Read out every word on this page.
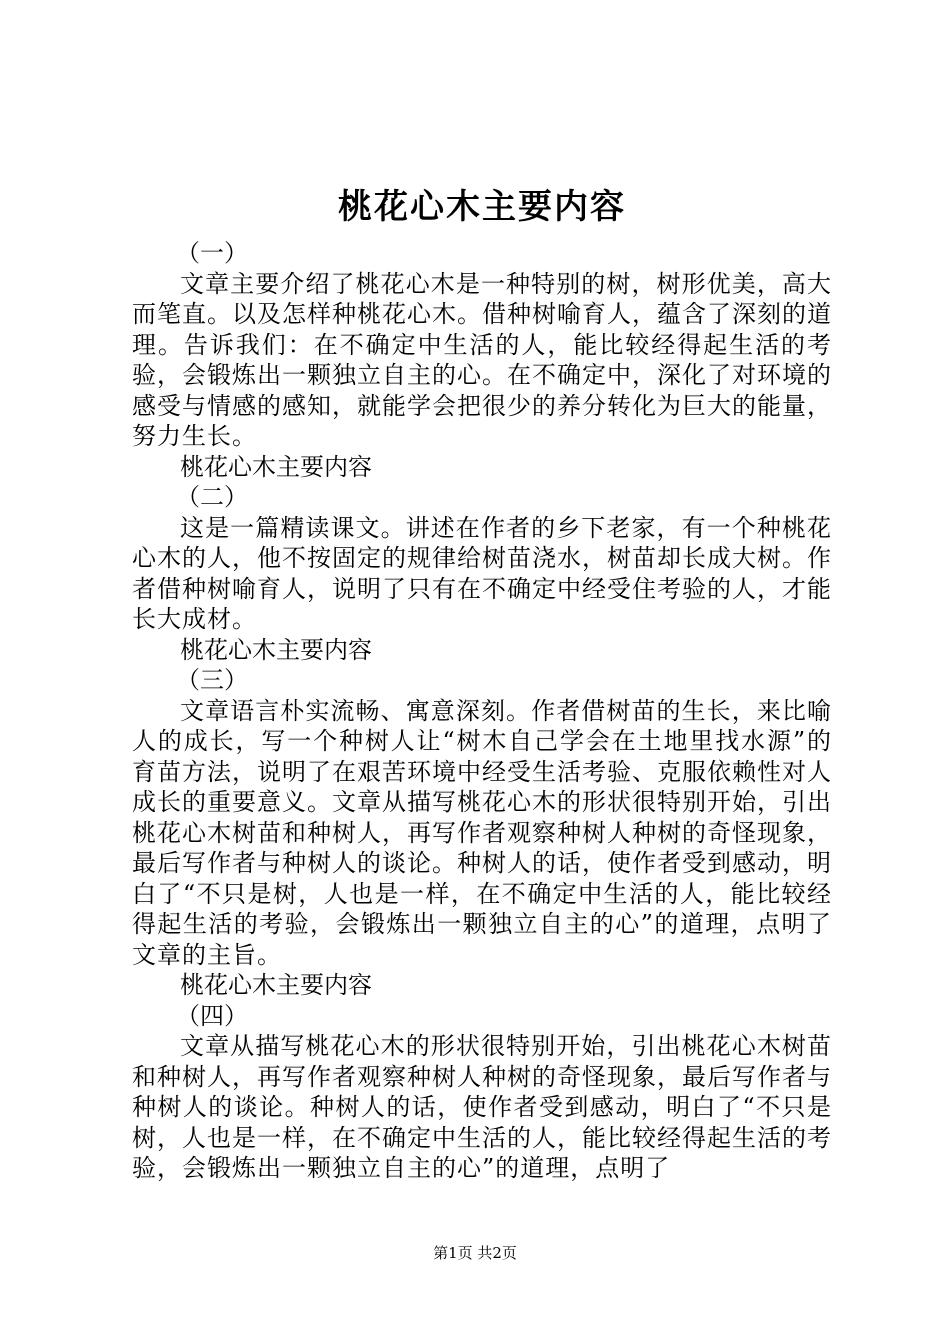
桃花心木主要内容
（一）

文章主要介绍了桃花心木是一种特别的树，树形优美，高大而笔直。以及怎样种桃花心木。借种树喻育人，蕴含了深刻的道理。告诉我们：在不确定中生活的人，能比较经得起生活的考验，会锻炼出一颗独立自主的心。在不确定中，深化了对环境的感受与情感的感知，就能学会把很少的养分转化为巨大的能量，努力生长。

桃花心木主要内容
（二）

这是一篇精读课文。讲述在作者的乡下老家，有一个种桃花心木的人，他不按固定的规律给树苗浇水，树苗却长成大树。作者借种树喻育人，说明了只有在不确定中经受住考验的人，才能长大成材。

桃花心木主要内容
（三）

文章语言朴实流畅、寓意深刻。作者借树苗的生长，来比喻人的成长，写一个种树人让“树木自己学会在土地里找水源”的育苗方法，说明了在艰苦环境中经受生活考验、克服依赖性对人成长的重要意义。文章从描写桃花心木的形状很特别开始，引出桃花心木树苗和种树人，再写作者观察种树人种树的奇怪现象，最后写作者与种树人的谈论。种树人的话，使作者受到感动，明白了“不只是树，人也是一样，在不确定中生活的人，能比较经得起生活的考验，会锻炼出一颗独立自主的心”的道理，点明了文章的主旨。

桃花心木主要内容
（四）

文章从描写桃花心木的形状很特别开始，引出桃花心木树苗和种树人，再写作者观察种树人种树的奇怪现象，最后写作者与种树人的谈论。种树人的话，使作者受到感动，明白了“不只是树，人也是一样，在不确定中生活的人，能比较经得起生活的考验，会锻炼出一颗独立自主的心”的道理，点明了

第1页 共2页
